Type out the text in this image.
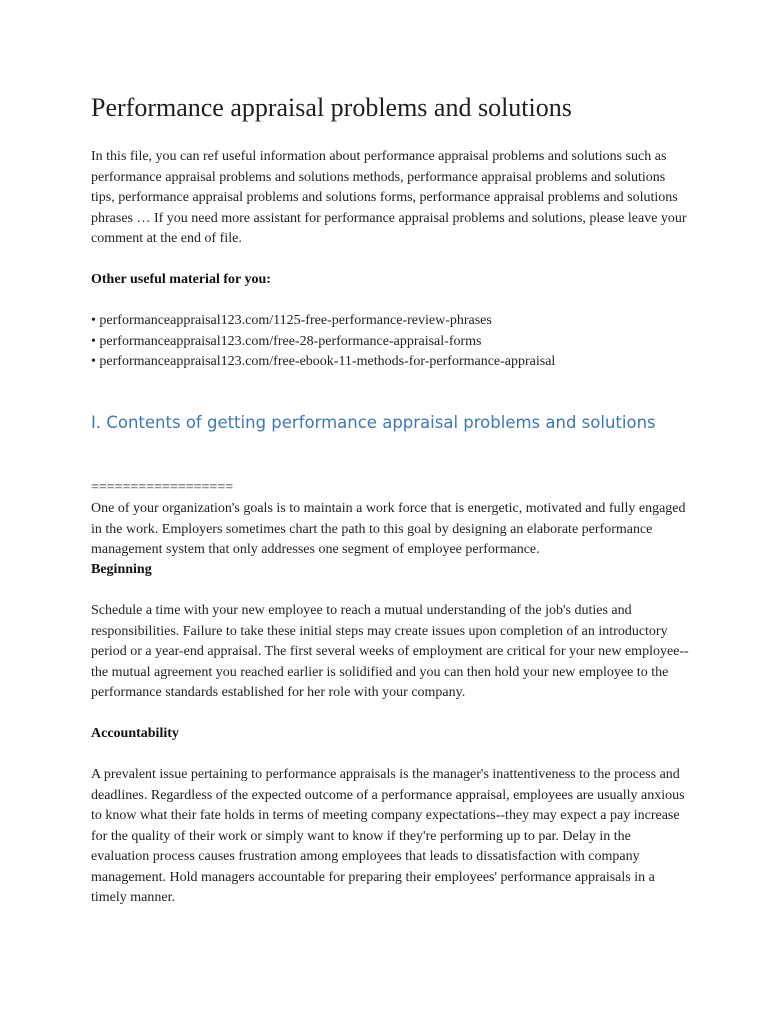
Performance appraisal problems and solutions

In this file, you can ref useful information about performance appraisal problems and solutions such as performance appraisal problems and solutions methods, performance appraisal problems and solutions tips, performance appraisal problems and solutions forms, performance appraisal problems and solutions phrases … If you need more assistant for performance appraisal problems and solutions, please leave your comment at the end of file.

Other useful material for you:

• performanceappraisal123.com/1125-free-performance-review-phrases
• performanceappraisal123.com/free-28-performance-appraisal-forms
• performanceappraisal123.com/free-ebook-11-methods-for-performance-appraisal
I. Contents of getting performance appraisal problems and solutions

==================

One of your organization's goals is to maintain a work force that is energetic, motivated and fully engaged in the work. Employers sometimes chart the path to this goal by designing an elaborate performance management system that only addresses one segment of employee performance.

Beginning

Schedule a time with your new employee to reach a mutual understanding of the job's duties and responsibilities. Failure to take these initial steps may create issues upon completion of an introductory period or a year-end appraisal. The first several weeks of employment are critical for your new employee--the mutual agreement you reached earlier is solidified and you can then hold your new employee to the performance standards established for her role with your company.

Accountability

A prevalent issue pertaining to performance appraisals is the manager's inattentiveness to the process and deadlines. Regardless of the expected outcome of a performance appraisal, employees are usually anxious to know what their fate holds in terms of meeting company expectations--they may expect a pay increase for the quality of their work or simply want to know if they're performing up to par. Delay in the evaluation process causes frustration among employees that leads to dissatisfaction with company management. Hold managers accountable for preparing their employees' performance appraisals in a timely manner.
